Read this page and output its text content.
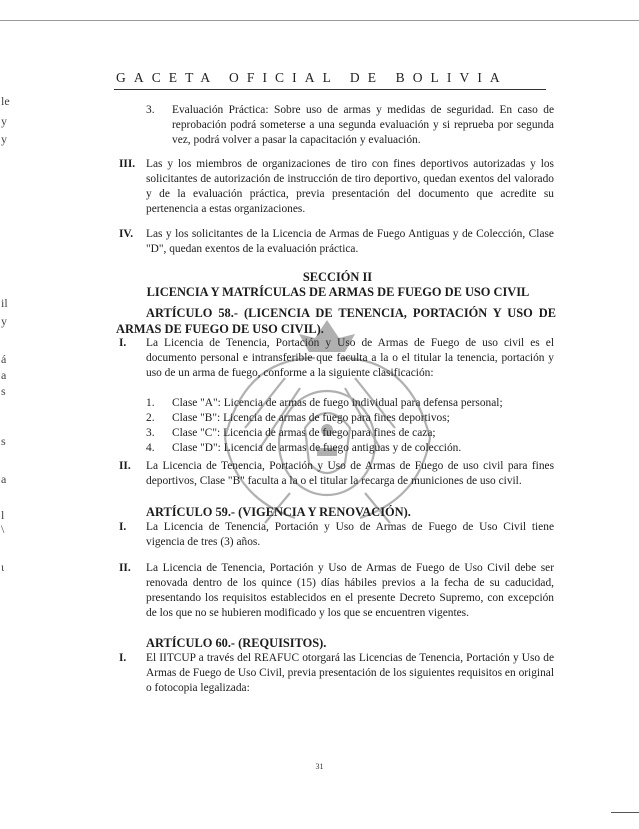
le
y
y
il
y
á
a
s
s
a
l
\
ι
GACETA OFICIAL DE BOLIVIA
3. Evaluación Práctica: Sobre uso de armas y medidas de seguridad. En caso de reprobación podrá someterse a una segunda evaluación y si reprueba por segunda vez, podrá volver a pasar la capacitación y evaluación.
III. Las y los miembros de organizaciones de tiro con fines deportivos autorizadas y los solicitantes de autorización de instrucción de tiro deportivo, quedan exentos del valorado y de la evaluación práctica, previa presentación del documento que acredite su pertenencia a estas organizaciones.
IV. Las y los solicitantes de la Licencia de Armas de Fuego Antiguas y de Colección, Clase "D", quedan exentos de la evaluación práctica.
SECCIÓN II
LICENCIA Y MATRÍCULAS DE ARMAS DE FUEGO DE USO CIVIL
ARTÍCULO 58.- (LICENCIA DE TENENCIA, PORTACIÓN Y USO DE ARMAS DE FUEGO DE USO CIVIL).
I. La Licencia de Tenencia, Portación y Uso de Armas de Fuego de uso civil es el documento personal e intransferible que faculta a la o el titular la tenencia, portación y uso de un arma de fuego, conforme a la siguiente clasificación:
1. Clase "A": Licencia de armas de fuego individual para defensa personal;
2. Clase "B": Licencia de armas de fuego para fines deportivos;
3. Clase "C": Licencia de armas de fuego para fines de caza;
4. Clase "D": Licencia de armas de fuego antiguas y de colección.
II. La Licencia de Tenencia, Portación y Uso de Armas de Fuego de uso civil para fines deportivos, Clase "B" faculta a la o el titular la recarga de municiones de uso civil.
ARTÍCULO 59.- (VIGENCIA Y RENOVACIÓN).
I. La Licencia de Tenencia, Portación y Uso de Armas de Fuego de Uso Civil tiene vigencia de tres (3) años.
II. La Licencia de Tenencia, Portación y Uso de Armas de Fuego de Uso Civil debe ser renovada dentro de los quince (15) días hábiles previos a la fecha de su caducidad, presentando los requisitos establecidos en el presente Decreto Supremo, con excepción de los que no se hubieren modificado y los que se encuentren vigentes.
ARTÍCULO 60.- (REQUISITOS).
I. El IITCUP a través del REAFUC otorgará las Licencias de Tenencia, Portación y Uso de Armas de Fuego de Uso Civil, previa presentación de los siguientes requisitos en original o fotocopia legalizada:
31
